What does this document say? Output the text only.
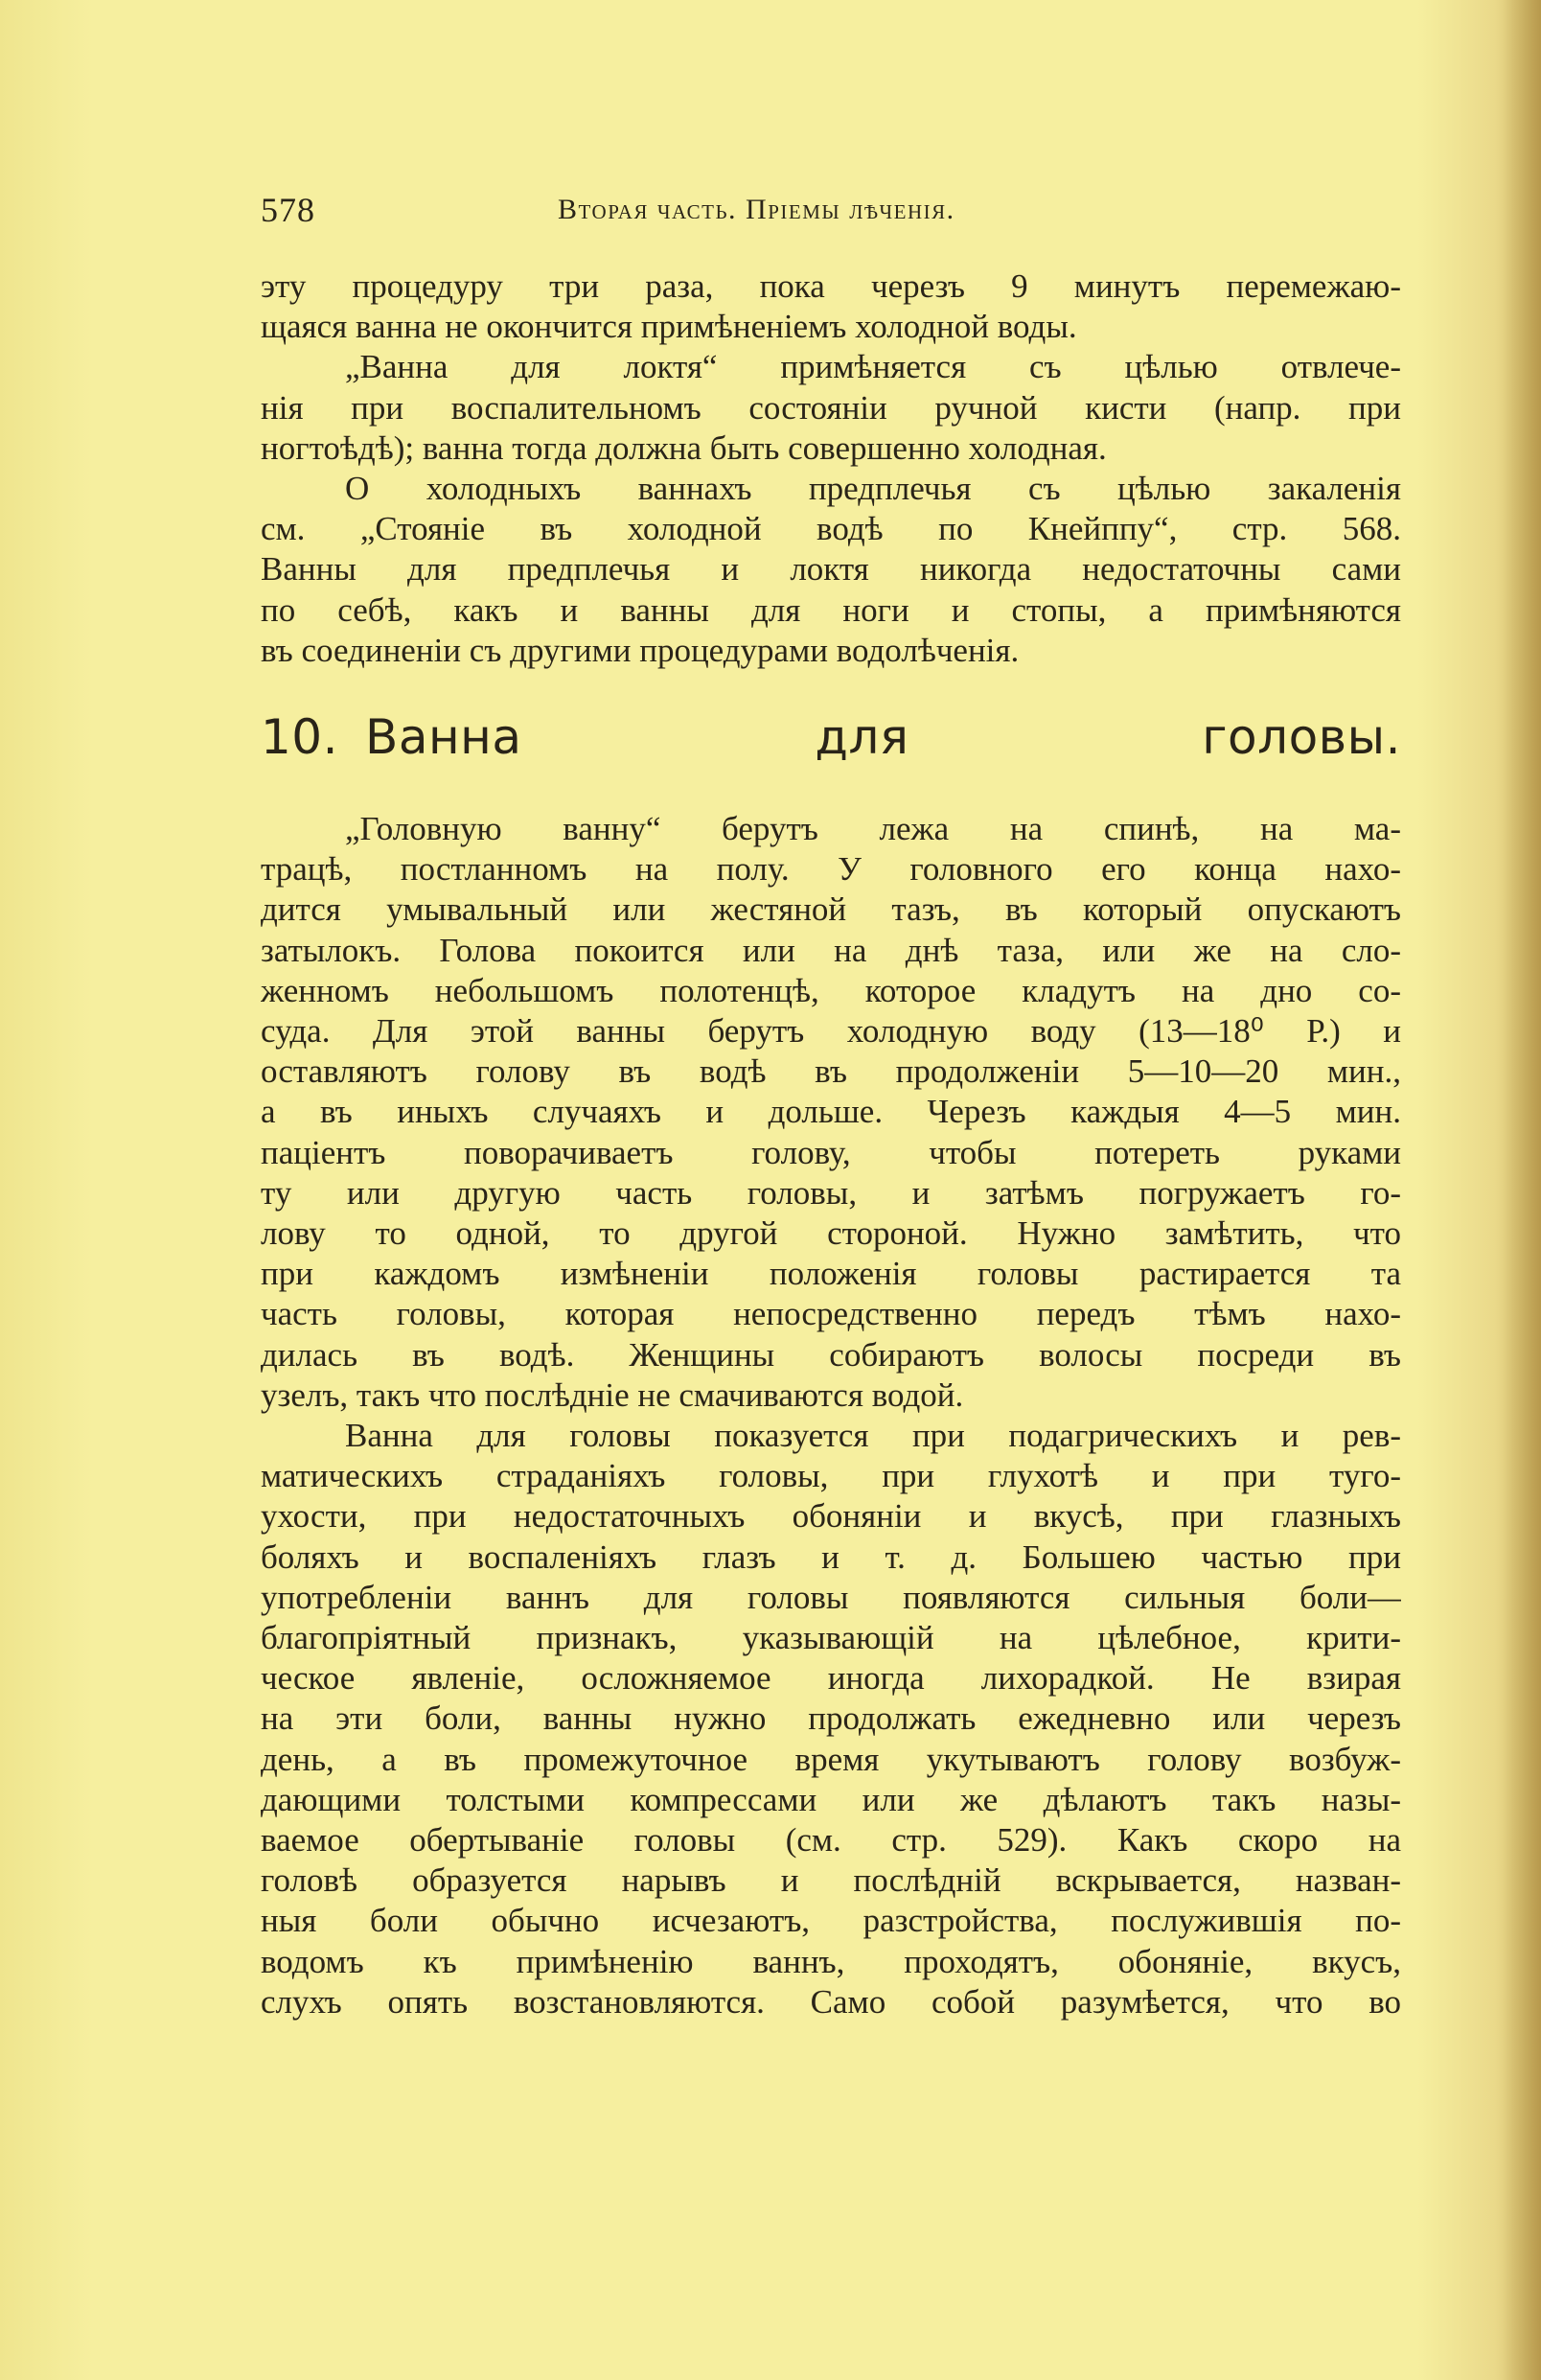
578	Вторая часть. Пріемы лѣченія.
эту процедуру три раза, пока черезъ 9 минутъ перемежаю-
щаяся ванна не окончится примѣненіемъ холодной воды.
„Ванна для локтя“ примѣняется съ цѣлью отвлече-
нія при воспалительномъ состояніи ручной кисти (напр. при
ногтоѣдѣ); ванна тогда должна быть совершенно холодная.
О холодныхъ ваннахъ предплечья съ цѣлью закаленія
см. „Стояніе въ холодной водѣ по Кнейппу“, стр. 568.
Ванны для предплечья и локтя никогда недостаточны сами
по себѣ, какъ и ванны для ноги и стопы, а примѣняются
въ соединеніи съ другими процедурами водолѣченія.
10. Ванна для головы.
„Головную ванну“ берутъ лежа на спинѣ, на ма-
трацѣ, постланномъ на полу. У головного его конца нахо-
дится умывальный или жестяной тазъ, въ который опускаютъ
затылокъ. Голова покоится или на днѣ таза, или же на сло-
женномъ небольшомъ полотенцѣ, которое кладутъ на дно со-
суда. Для этой ванны берутъ холодную воду (13—18⁰ Р.) и
оставляютъ голову въ водѣ въ продолженіи 5—10—20 мин.,
а въ иныхъ случаяхъ и дольше. Черезъ каждыя 4—5 мин.
паціентъ поворачиваетъ голову, чтобы потереть руками
ту или другую часть головы, и затѣмъ погружаетъ го-
лову то одной, то другой стороной. Нужно замѣтить, что
при каждомъ измѣненіи положенія головы растирается та
часть головы, которая непосредственно передъ тѣмъ нахо-
дилась въ водѣ. Женщины собираютъ волосы посреди въ
узелъ, такъ что послѣдніе не смачиваются водой.
Ванна для головы показуется при подагрическихъ и рев-
матическихъ страданіяхъ головы, при глухотѣ и при туго-
ухости, при недостаточныхъ обоняніи и вкусѣ, при глазныхъ
боляхъ и воспаленіяхъ глазъ и т. д. Большею частью при
употребленіи ваннъ для головы появляются сильныя боли—
благопріятный признакъ, указывающій на цѣлебное, крити-
ческое явленіе, осложняемое иногда лихорадкой. Не взирая
на эти боли, ванны нужно продолжать ежедневно или черезъ
день, а въ промежуточное время укутываютъ голову возбуж-
дающими толстыми компрессами или же дѣлаютъ такъ назы-
ваемое обертываніе головы (см. стр. 529). Какъ скоро на
головѣ образуется нарывъ и послѣдній вскрывается, назван-
ныя боли обычно исчезаютъ, разстройства, послужившія по-
водомъ къ примѣненію ваннъ, проходятъ, обоняніе, вкусъ,
слухъ опять возстановляются. Само собой разумѣется, что во
